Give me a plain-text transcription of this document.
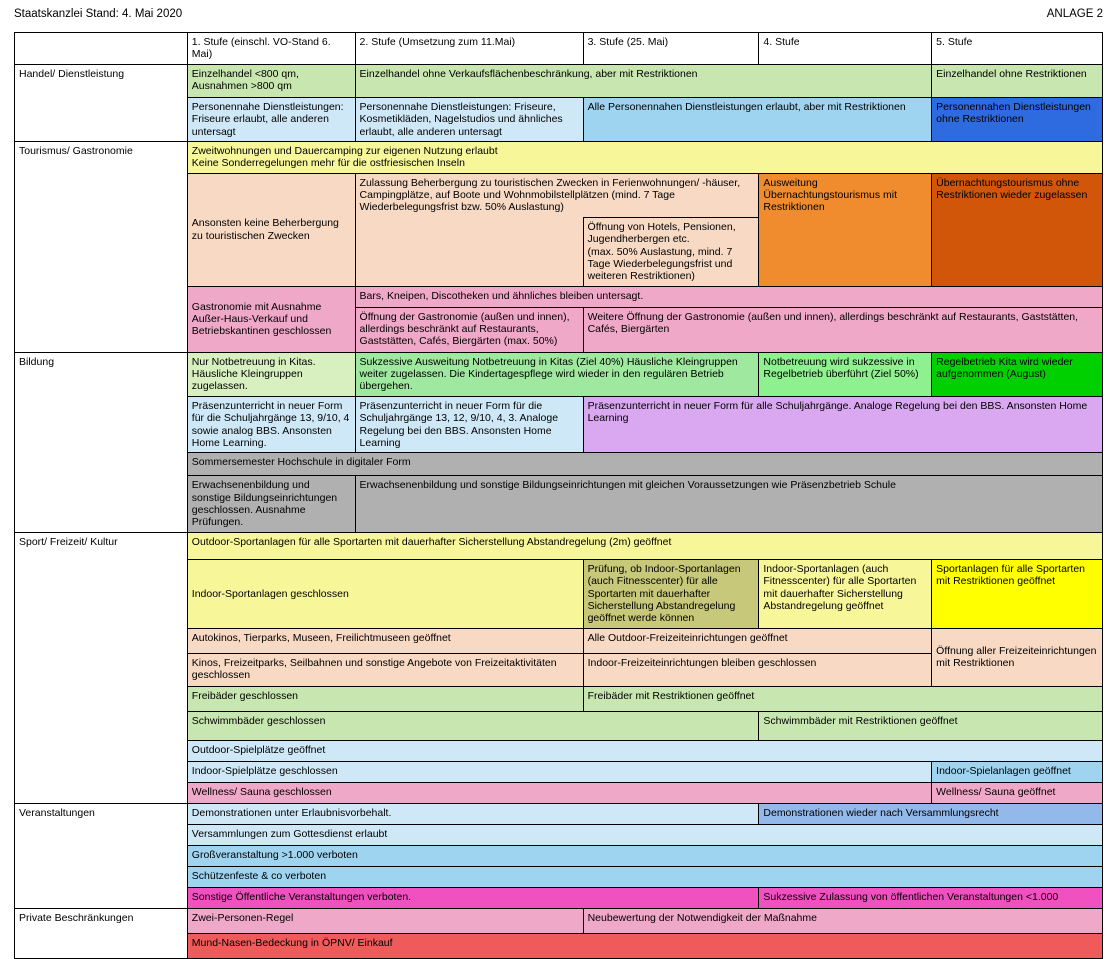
Staatskanzlei Stand: 4. Mai 2020	ANLAGE 2
	1. Stufe (einschl. VO-Stand 6. Mai)	2. Stufe (Umsetzung zum 11.Mai)	3. Stufe (25. Mai)	4. Stufe	5. Stufe
Handel/ Dienstleistung	Einzelhandel <800 qm, Ausnahmen >800 qm	Einzelhandel ohne Verkaufsflächenbeschränkung, aber mit Restriktionen			Einzelhandel ohne Restriktionen
	Personennahe Dienstleistungen: Friseure erlaubt, alle anderen untersagt	Personennahe Dienstleistungen: Friseure, Kosmetikläden, Nagelstudios und ähnliches erlaubt, alle anderen untersagt	Alle Personennahen Dienstleistungen erlaubt, aber mit Restriktionen		Personennahen Dienstleistungen ohne Restriktionen
Tourismus/ Gastronomie	Zweitwohnungen und Dauercamping zur eigenen Nutzung erlaubt
Keine Sonderregelungen mehr für die ostfriesischen Inseln				
	Ansonsten keine Beherbergung zu touristischen Zwecken	Zulassung Beherbergung zu touristischen Zwecken in Ferienwohnungen/ -häuser, Campingplätze, auf Boote und Wohnmobilstellplätzen (mind. 7 Tage Wiederbelegungsfrist bzw. 50% Auslastung)
Öffnung von Hotels, Pensionen, Jugendherbergen etc.
(max. 50% Auslastung, mind. 7 Tage Wiederbelegungsfrist und weiteren Restriktionen)		Ausweitung Übernachtungstourismus mit Restriktionen	Übernachtungstourismus ohne Restriktionen wieder zugelassen
	Gastronomie mit Ausnahme Außer-Haus-Verkauf und Betriebskantinen geschlossen	Bars, Kneipen, Discotheken und ähnliches bleiben untersagt.			
		Öffnung der Gastronomie (außen und innen), allerdings beschränkt auf Restaurants, Gaststätten, Cafés, Biergärten (max. 50%)	Weitere Öffnung der Gastronomie (außen und innen), allerdings beschränkt auf Restaurants, Gaststätten, Cafés, Biergärten		
Bildung	Nur Notbetreuung in Kitas. Häusliche Kleingruppen zugelassen.	Sukzessive Ausweitung Notbetreuung in Kitas (Ziel 40%) Häusliche Kleingruppen weiter zugelassen. Die Kindertagespflege wird wieder in den regulären Betrieb übergehen.		Notbetreuung wird sukzessive in Regelbetrieb überführt (Ziel 50%)	Regelbetrieb Kita wird wieder aufgenommen (August)
	Präsenzunterricht in neuer Form für die Schuljahrgänge 13, 9/10, 4 sowie analog BBS. Ansonsten Home Learning.	Präsenzunterricht in neuer Form für die Schuljahrgänge 13, 12, 9/10, 4, 3. Analoge Regelung bei den BBS. Ansonsten Home Learning	Präsenzunterricht in neuer Form für alle Schuljahrgänge. Analoge Regelung bei den BBS. Ansonsten Home Learning		
	Sommersemester Hochschule in digitaler Form				
	Erwachsenenbildung und sonstige Bildungseinrichtungen geschlossen. Ausnahme Prüfungen.	Erwachsenenbildung und sonstige Bildungseinrichtungen mit gleichen Voraussetzungen wie Präsenzbetrieb Schule			
Sport/ Freizeit/ Kultur	Outdoor-Sportanlagen für alle Sportarten mit dauerhafter Sicherstellung Abstandregelung (2m) geöffnet				
	Indoor-Sportanlagen geschlossen		Prüfung, ob Indoor-Sportanlagen (auch Fitnesscenter) für alle Sportarten mit dauerhafter Sicherstellung Abstandregelung geöffnet werde können	Indoor-Sportanlagen (auch Fitnesscenter) für alle Sportarten mit dauerhafter Sicherstellung Abstandregelung geöffnet	Sportanlagen für alle Sportarten mit Restriktionen geöffnet
	Autokinos, Tierparks, Museen, Freilichtmuseen geöffnet		Alle Outdoor-Freizeiteinrichtungen geöffnet		Öffnung aller Freizeiteinrichtungen mit Restriktionen
	Kinos, Freizeitparks, Seilbahnen und sonstige Angebote von Freizeitaktivitäten geschlossen		Indoor-Freizeiteinrichtungen bleiben geschlossen		
	Freibäder geschlossen		Freibäder mit Restriktionen geöffnet		
	Schwimmbäder geschlossen			Schwimmbäder mit Restriktionen geöffnet	
	Outdoor-Spielplätze geöffnet				
	Indoor-Spielplätze geschlossen				Indoor-Spielanlagen geöffnet
	Wellness/ Sauna geschlossen				Wellness/ Sauna geöffnet
Veranstaltungen	Demonstrationen unter Erlaubnisvorbehalt.			Demonstrationen wieder nach Versammlungsrecht	
	Versammlungen zum Gottesdienst erlaubt				
	Großveranstaltung >1.000 verboten				
	Schützenfeste & co verboten				
	Sonstige Öffentliche Veranstaltungen verboten.			Sukzessive Zulassung von öffentlichen Veranstaltungen <1.000	
Private Beschränkungen	Zwei-Personen-Regel		Neubewertung der Notwendigkeit der Maßnahme		
	Mund-Nasen-Bedeckung in ÖPNV/ Einkauf				
